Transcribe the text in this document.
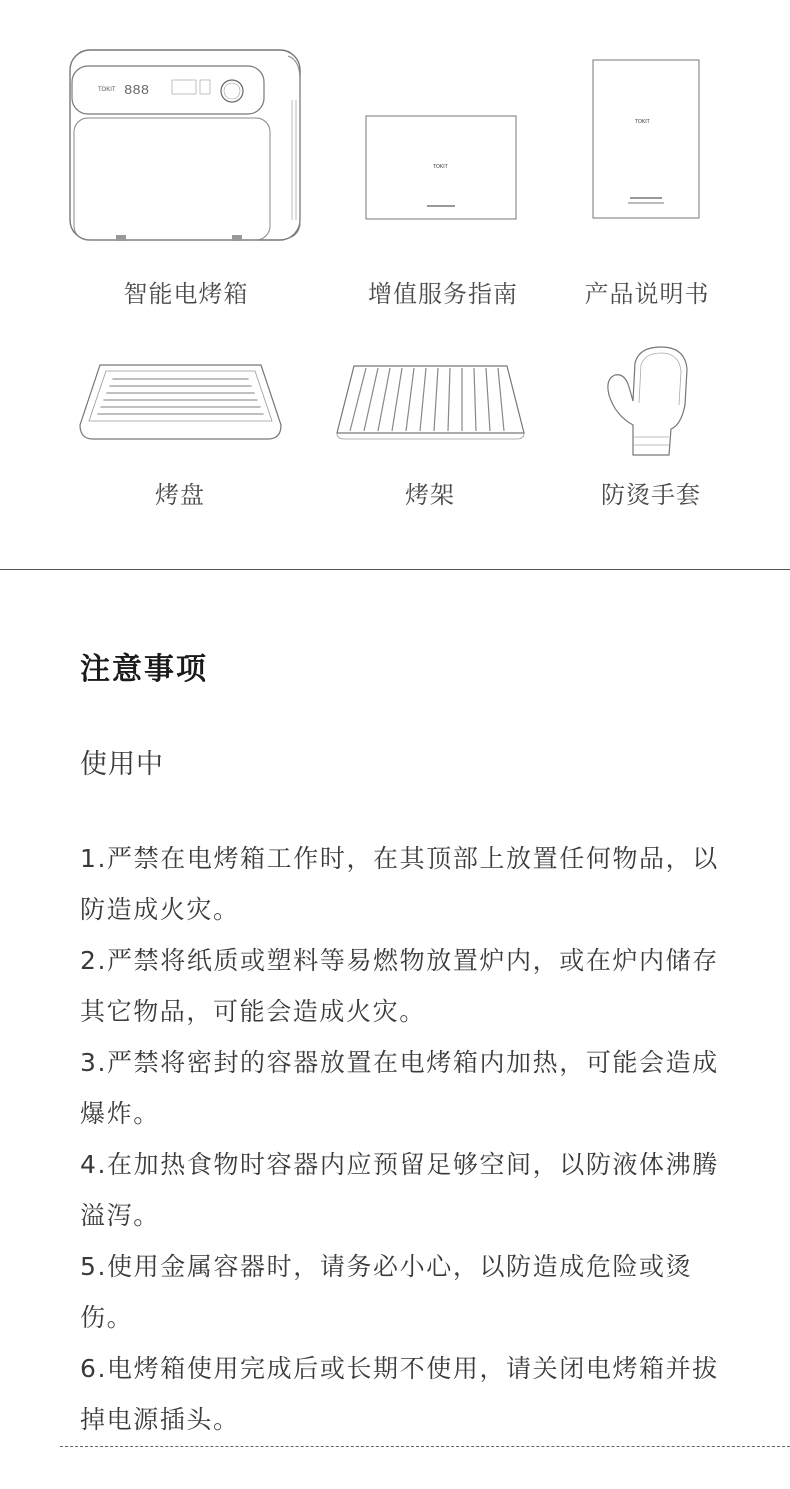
TOKIT 888
智能电烤箱
TOKIT
增值服务指南
TOKIT
产品说明书
烤盘	烤架	防烫手套
注意事项
使用中
1.严禁在电烤箱工作时，在其顶部上放置任何物品，以防造成火灾。
2.严禁将纸质或塑料等易燃物放置炉内，或在炉内储存其它物品，可能会造成火灾。
3.严禁将密封的容器放置在电烤箱内加热，可能会造成爆炸。
4.在加热食物时容器内应预留足够空间，以防液体沸腾溢泻。
5.使用金属容器时，请务必小心，以防造成危险或烫伤。
6.电烤箱使用完成后或长期不使用，请关闭电烤箱并拔掉电源插头。
